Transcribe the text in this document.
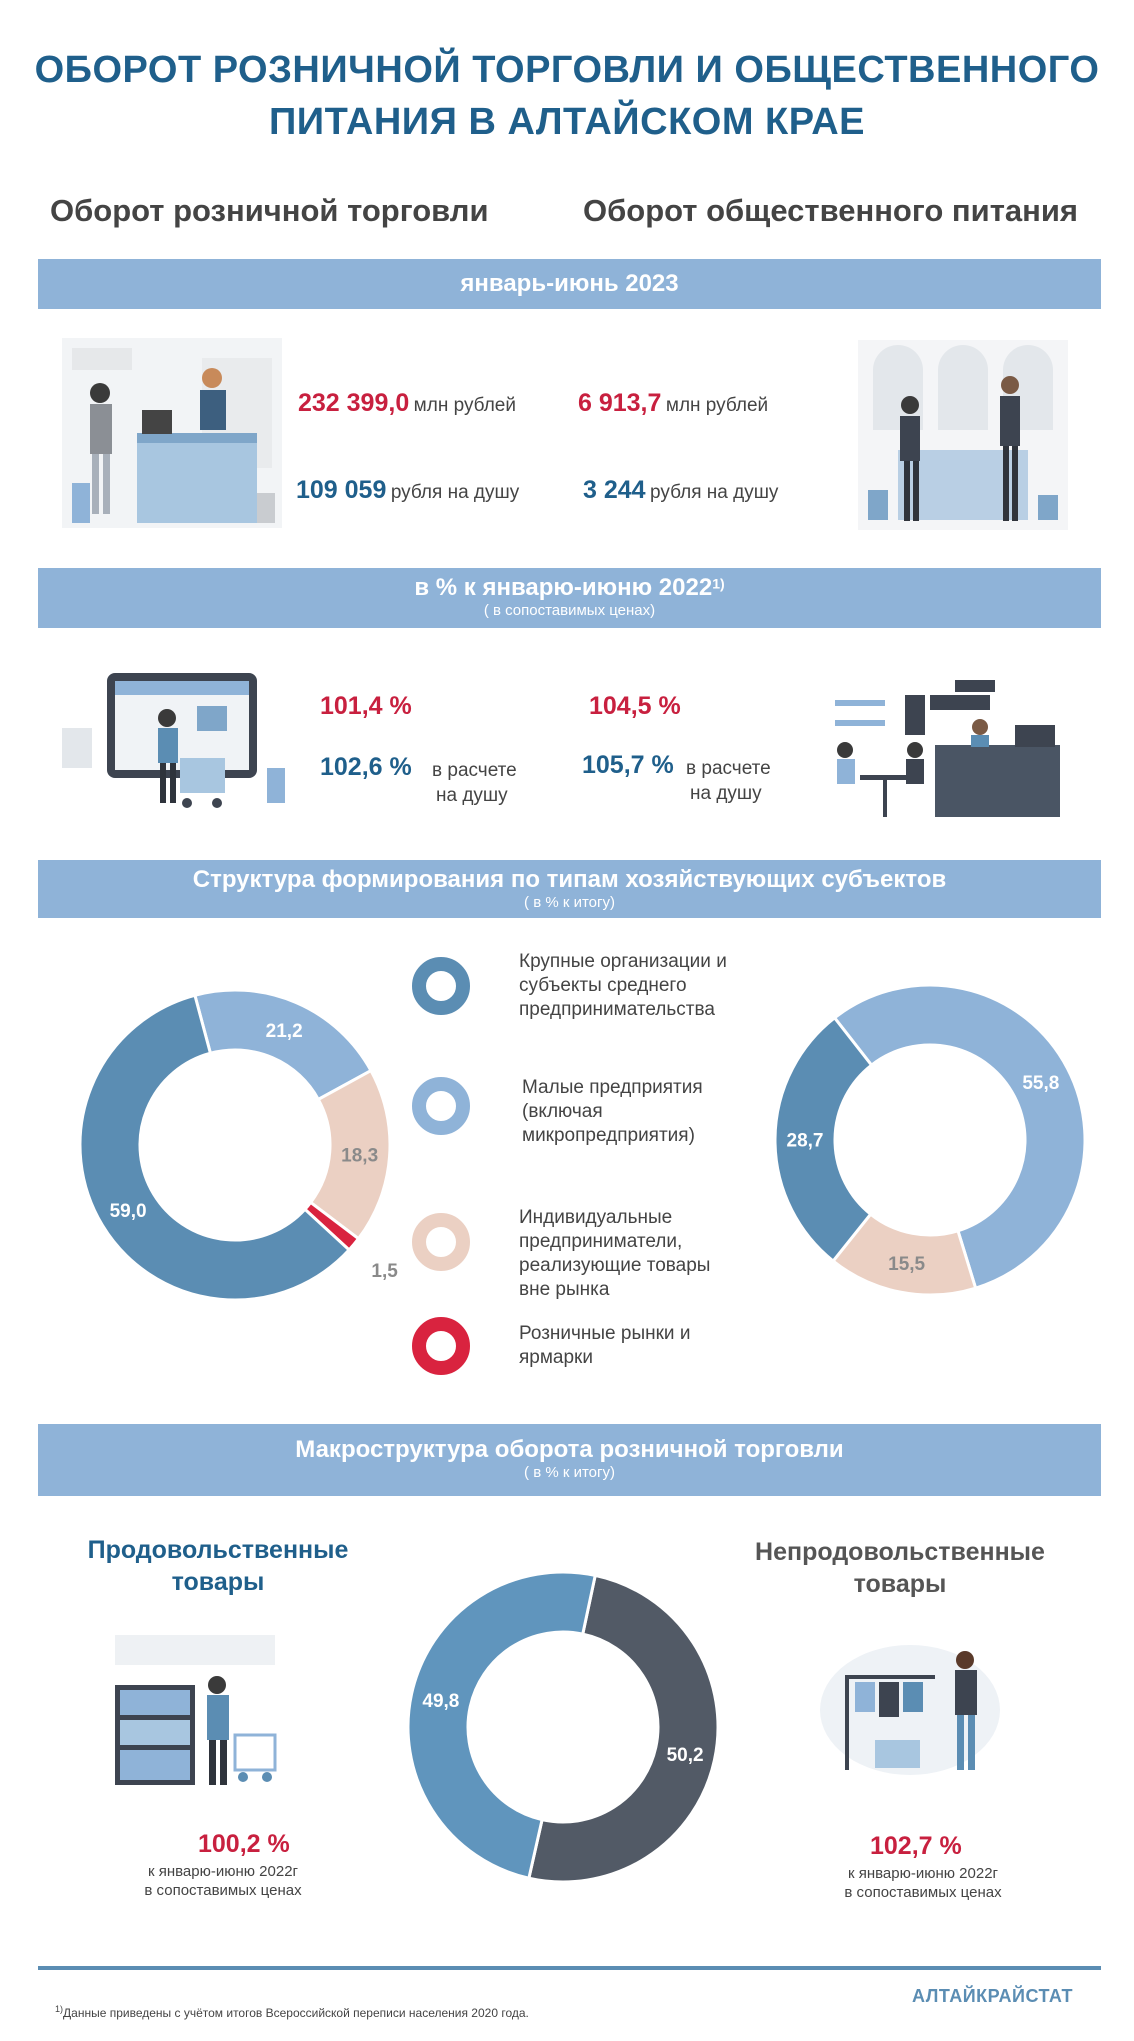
ОБОРОТ РОЗНИЧНОЙ ТОРГОВЛИ И ОБЩЕСТВЕННОГО
ПИТАНИЯ В АЛТАЙСКОМ КРАЕ
Оборот розничной торговли	Оборот общественного питания
январь-июнь 2023
232 399,0 млн рублей
109 059 рубля на душу
6 913,7 млн рублей
3 244 рубля на душу
в % к январю-июню 2022$^{1)}$
( в сопоставимых ценах)
101,4 %
102,6 % в расчете
на душу
104,5 %
105,7 % в расчете
на душу
Структура формирования по типам хозяйствующих субъектов
( в % к итогу)
21,2
18,3
1,5
59,0
Крупные организации и
субъекты среднего
предпринимательства
Малые предприятия
(включая
микропредприятия)
Индивидуальные
предприниматели,
реализующие товары
вне рынка
Розничные рынки и
ярмарки
55,8
15,5
28,7
Макроструктура оборота розничной торговли
( в % к итогу)
Продовольственные
товары
100,2 %
к январю-июню 2022г
в сопоставимых ценах
50,2
49,8
Непродовольственные
товары
102,7 %
к январю-июню 2022г
в сопоставимых ценах
$^{1)}$Данные приведены с учётом итогов Всероссийской переписи населения 2020 года.
АЛТАЙКРАЙСТАТ
